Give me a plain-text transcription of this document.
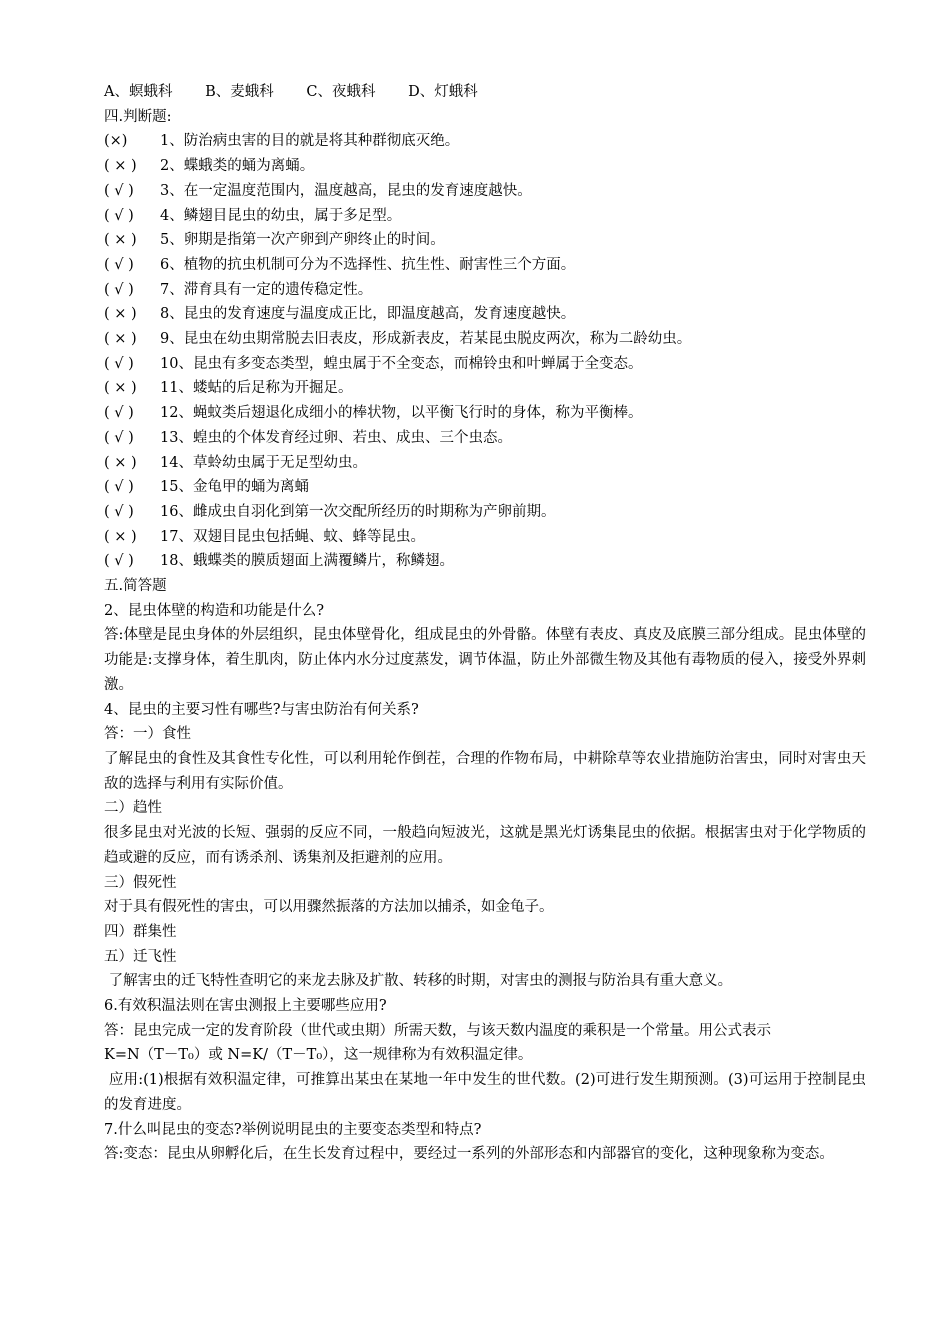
A、螟蛾科 B、麦蛾科 C、夜蛾科 D、灯蛾科
四.判断题:
(×) 1、防治病虫害的目的就是将其种群彻底灭绝。
( × ) 2、蝶蛾类的蛹为离蛹。
( √ ) 3、在一定温度范围内，温度越高，昆虫的发育速度越快。
( √ ) 4、鳞翅目昆虫的幼虫，属于多足型。
( × ) 5、卵期是指第一次产卵到产卵终止的时间。
( √ ) 6、植物的抗虫机制可分为不选择性、抗生性、耐害性三个方面。
( √ ) 7、滞育具有一定的遗传稳定性。
( × ) 8、昆虫的发育速度与温度成正比，即温度越高，发育速度越快。
( × ) 9、昆虫在幼虫期常脱去旧表皮，形成新表皮，若某昆虫脱皮两次，称为二龄幼虫。
( √ ) 10、昆虫有多变态类型，蝗虫属于不全变态，而棉铃虫和叶蝉属于全变态。
( × ) 11、蝼蛄的后足称为开掘足。
( √ ) 12、蝇蚊类后翅退化成细小的棒状物，以平衡飞行时的身体，称为平衡棒。
( √ ) 13、蝗虫的个体发育经过卵、若虫、成虫、三个虫态。
( × ) 14、草蛉幼虫属于无足型幼虫。
( √ ) 15、金龟甲的蛹为离蛹
( √ ) 16、雌成虫自羽化到第一次交配所经历的时期称为产卵前期。
( × ) 17、双翅目昆虫包括蝇、蚊、蜂等昆虫。
( √ ) 18、蛾蝶类的膜质翅面上满覆鳞片，称鳞翅。
五.简答题
2、昆虫体壁的构造和功能是什么?
答:体壁是昆虫身体的外层组织，昆虫体壁骨化，组成昆虫的外骨骼。体壁有表皮、真皮及底膜三部分组成。昆虫体壁的功能是:支撑身体，着生肌肉，防止体内水分过度蒸发，调节体温，防止外部微生物及其他有毒物质的侵入，接受外界刺激。
4、昆虫的主要习性有哪些?与害虫防治有何关系?
答：一）食性
了解昆虫的食性及其食性专化性，可以利用轮作倒茬，合理的作物布局，中耕除草等农业措施防治害虫，同时对害虫天敌的选择与利用有实际价值。
二）趋性
很多昆虫对光波的长短、强弱的反应不同，一般趋向短波光，这就是黑光灯诱集昆虫的依据。根据害虫对于化学物质的趋或避的反应，而有诱杀剂、诱集剂及拒避剂的应用。
三）假死性
对于具有假死性的害虫，可以用骤然振落的方法加以捕杀，如金龟子。
四）群集性
五）迁飞性
了解害虫的迁飞特性查明它的来龙去脉及扩散、转移的时期，对害虫的测报与防治具有重大意义。
6.有效积温法则在害虫测报上主要哪些应用?
答：昆虫完成一定的发育阶段（世代或虫期）所需天数，与该天数内温度的乘积是一个常量。用公式表示
K=N（T－T₀）或 N=K/（T－T₀），这一规律称为有效积温定律。
应用:(1)根据有效积温定律，可推算出某虫在某地一年中发生的世代数。(2)可进行发生期预测。(3)可运用于控制昆虫的发育进度。
7.什么叫昆虫的变态?举例说明昆虫的主要变态类型和特点?
答:变态：昆虫从卵孵化后，在生长发育过程中，要经过一系列的外部形态和内部器官的变化，这种现象称为变态。
